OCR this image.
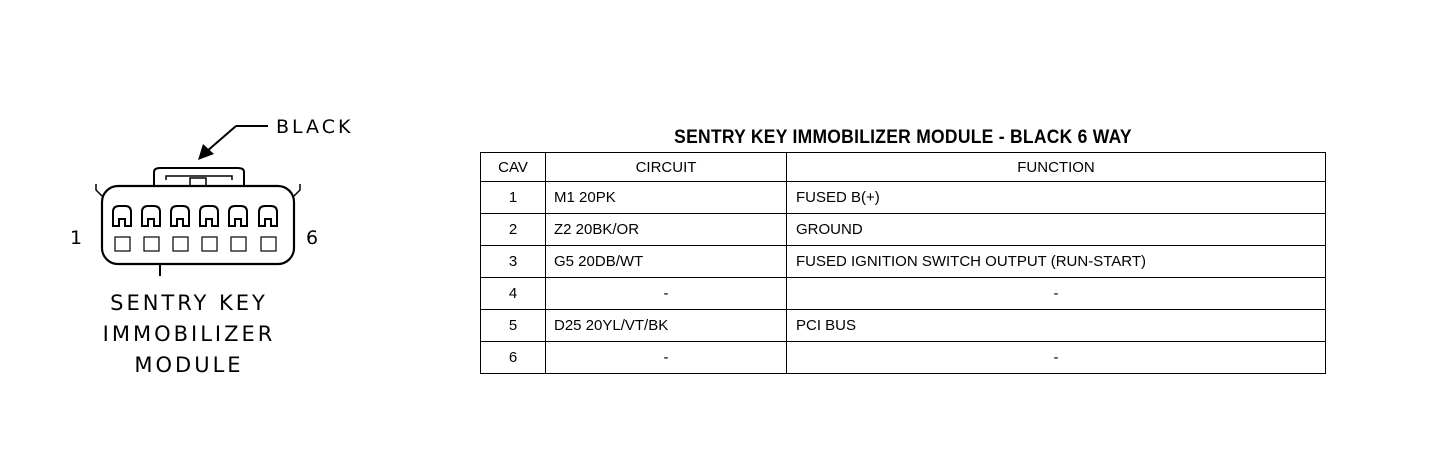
BLACK
1	6
SENTRY KEY
IMMOBILIZER
MODULE
SENTRY KEY IMMOBILIZER MODULE - BLACK 6 WAY
CAV	CIRCUIT	FUNCTION
1	M1 20PK	FUSED B(+)
2	Z2 20BK/OR	GROUND
3	G5 20DB/WT	FUSED IGNITION SWITCH OUTPUT (RUN-START)
4	-	-
5	D25 20YL/VT/BK	PCI BUS
6	-	-
